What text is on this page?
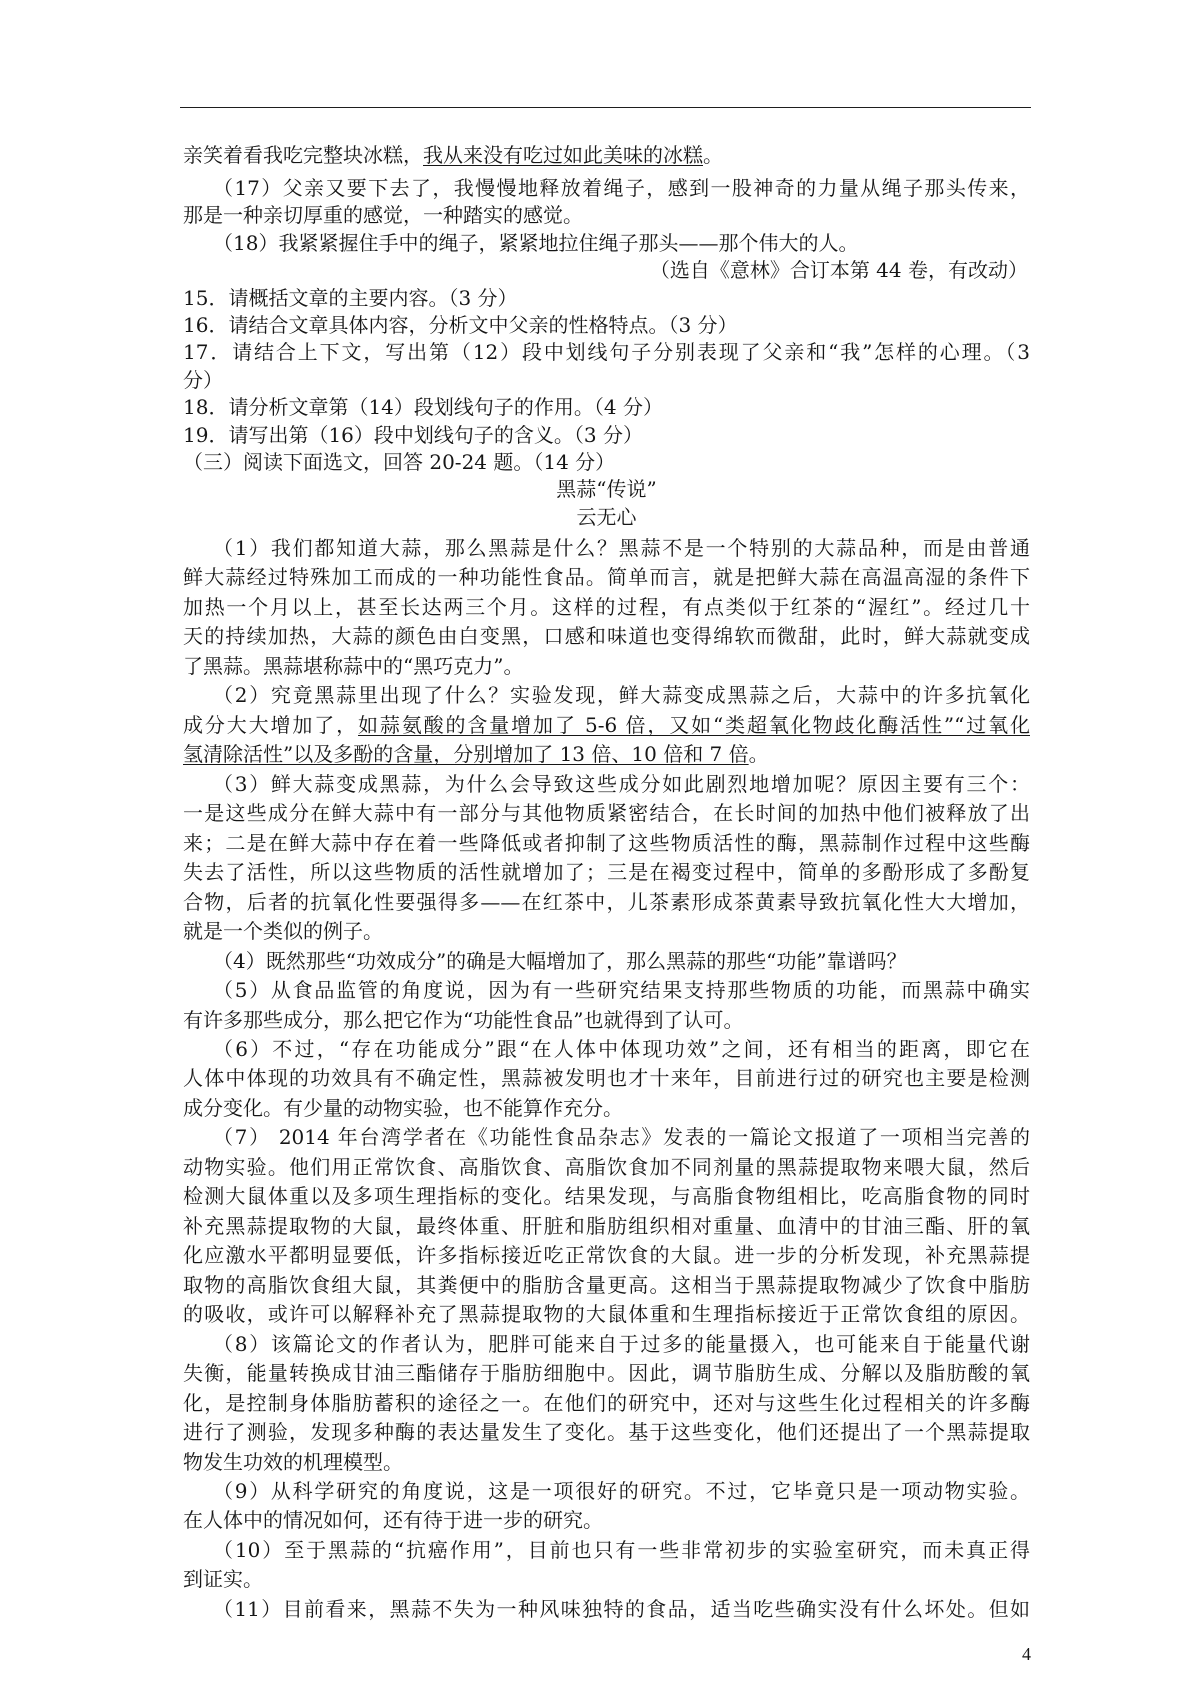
亲笑着看我吃完整块冰糕，我从来没有吃过如此美味的冰糕。
（17）父亲又要下去了，我慢慢地释放着绳子，感到一股神奇的力量从绳子那头传来，
那是一种亲切厚重的感觉，一种踏实的感觉。
（18）我紧紧握住手中的绳子，紧紧地拉住绳子那头——那个伟大的人。
（选自《意林》合订本第 44 卷，有改动）
15．请概括文章的主要内容。（3 分）
16．请结合文章具体内容，分析文中父亲的性格特点。（3 分）
17．请结合上下文，写出第（12）段中划线句子分别表现了父亲和“我”怎样的心理。（3
分）
18．请分析文章第（14）段划线句子的作用。（4 分）
19．请写出第（16）段中划线句子的含义。（3 分）
（三）阅读下面选文，回答 20-24 题。（14 分）
黑蒜“传说”
云无心
（1）我们都知道大蒜，那么黑蒜是什么？黑蒜不是一个特别的大蒜品种，而是由普通
鲜大蒜经过特殊加工而成的一种功能性食品。简单而言，就是把鲜大蒜在高温高湿的条件下
加热一个月以上，甚至长达两三个月。这样的过程，有点类似于红茶的“渥红”。经过几十
天的持续加热，大蒜的颜色由白变黑，口感和味道也变得绵软而微甜，此时，鲜大蒜就变成
了黑蒜。黑蒜堪称蒜中的“黑巧克力”。
（2）究竟黑蒜里出现了什么？实验发现，鲜大蒜变成黑蒜之后，大蒜中的许多抗氧化
成分大大增加了，如蒜氨酸的含量增加了 5-6 倍，又如“类超氧化物歧化酶活性”“过氧化
氢清除活性”以及多酚的含量，分别增加了 13 倍、10 倍和 7 倍。
（3）鲜大蒜变成黑蒜，为什么会导致这些成分如此剧烈地增加呢？原因主要有三个：
一是这些成分在鲜大蒜中有一部分与其他物质紧密结合，在长时间的加热中他们被释放了出
来；二是在鲜大蒜中存在着一些降低或者抑制了这些物质活性的酶，黑蒜制作过程中这些酶
失去了活性，所以这些物质的活性就增加了；三是在褐变过程中，简单的多酚形成了多酚复
合物，后者的抗氧化性要强得多——在红茶中，儿茶素形成茶黄素导致抗氧化性大大增加，
就是一个类似的例子。
（4）既然那些“功效成分”的确是大幅增加了，那么黑蒜的那些“功能”靠谱吗？
（5）从食品监管的角度说，因为有一些研究结果支持那些物质的功能，而黑蒜中确实
有许多那些成分，那么把它作为“功能性食品”也就得到了认可。
（6）不过，“存在功能成分”跟“在人体中体现功效”之间，还有相当的距离，即它在
人体中体现的功效具有不确定性，黑蒜被发明也才十来年，目前进行过的研究也主要是检测
成分变化。有少量的动物实验，也不能算作充分。
（7） 2014 年台湾学者在《功能性食品杂志》发表的一篇论文报道了一项相当完善的
动物实验。他们用正常饮食、高脂饮食、高脂饮食加不同剂量的黑蒜提取物来喂大鼠，然后
检测大鼠体重以及多项生理指标的变化。结果发现，与高脂食物组相比，吃高脂食物的同时
补充黑蒜提取物的大鼠，最终体重、肝脏和脂肪组织相对重量、血清中的甘油三酯、肝的氧
化应激水平都明显要低，许多指标接近吃正常饮食的大鼠。进一步的分析发现，补充黑蒜提
取物的高脂饮食组大鼠，其粪便中的脂肪含量更高。这相当于黑蒜提取物减少了饮食中脂肪
的吸收，或许可以解释补充了黑蒜提取物的大鼠体重和生理指标接近于正常饮食组的原因。
（8）该篇论文的作者认为，肥胖可能来自于过多的能量摄入，也可能来自于能量代谢
失衡，能量转换成甘油三酯储存于脂肪细胞中。因此，调节脂肪生成、分解以及脂肪酸的氧
化，是控制身体脂肪蓄积的途径之一。在他们的研究中，还对与这些生化过程相关的许多酶
进行了测验，发现多种酶的表达量发生了变化。基于这些变化，他们还提出了一个黑蒜提取
物发生功效的机理模型。
（9）从科学研究的角度说，这是一项很好的研究。不过，它毕竟只是一项动物实验。
在人体中的情况如何，还有待于进一步的研究。
（10）至于黑蒜的“抗癌作用”，目前也只有一些非常初步的实验室研究，而未真正得
到证实。
（11）目前看来，黑蒜不失为一种风味独特的食品，适当吃些确实没有什么坏处。但如
4
